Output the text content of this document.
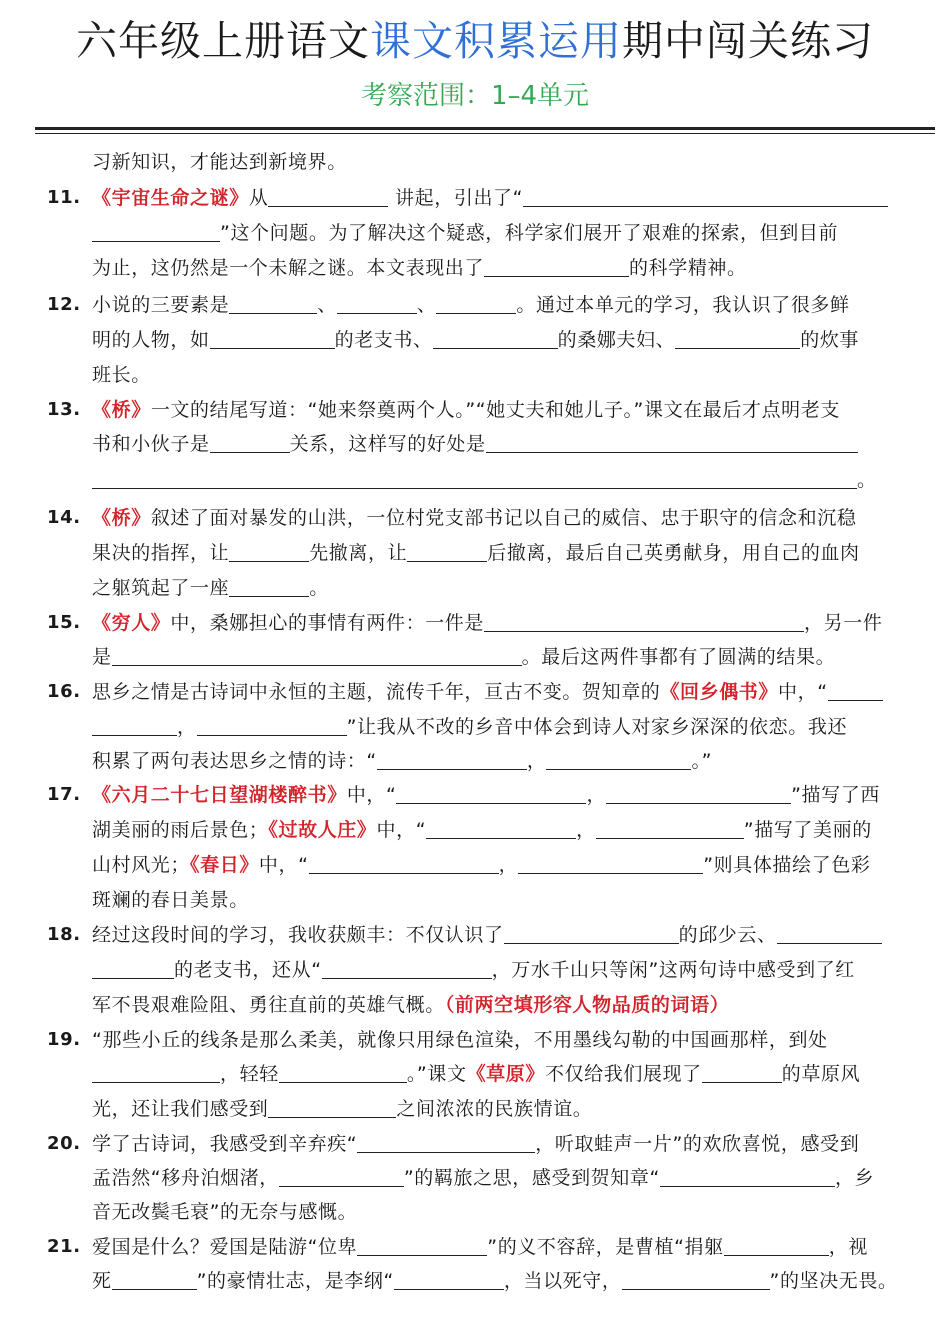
六年级上册语文课文积累运用期中闯关练习
考察范围：1–4单元
习新知识，才能达到新境界。
11. 《宇宙生命之谜》从	讲起，引出了“
”这个问题。为了解决这个疑惑，科学家们展开了艰难的探索，但到目前
为止，这仍然是一个未解之谜。本文表现出了	的科学精神。
12. 小说的三要素是	、	、	。通过本单元的学习，我认识了很多鲜
明的人物，如	的老支书、	的桑娜夫妇、	的炊事
班长。
13. 《桥》一文的结尾写道：“她来祭奠两个人。”“她丈夫和她儿子。”课文在最后才点明老支
书和小伙子是	关系，这样写的好处是
。
14. 《桥》叙述了面对暴发的山洪，一位村党支部书记以自己的威信、忠于职守的信念和沉稳
果决的指挥，让	先撤离，让	后撤离，最后自己英勇献身，用自己的血肉
之躯筑起了一座	。
15. 《穷人》中，桑娜担心的事情有两件：一件是	，另一件
是	。最后这两件事都有了圆满的结果。
16. 思乡之情是古诗词中永恒的主题，流传千年，亘古不变。贺知章的《回乡偶书》中，“
，	”让我从不改的乡音中体会到诗人对家乡深深的依恋。我还
积累了两句表达思乡之情的诗：“	，	。”
17. 《六月二十七日望湖楼醉书》中，“	，	”描写了西
湖美丽的雨后景色；《过故人庄》中，“	，	”描写了美丽的
山村风光；《春日》中，“	，	”则具体描绘了色彩
斑斓的春日美景。
18. 经过这段时间的学习，我收获颇丰：不仅认识了	的邱少云、
的老支书，还从“	，万水千山只等闲”这两句诗中感受到了红
军不畏艰难险阻、勇往直前的英雄气概。（前两空填形容人物品质的词语）
19. “那些小丘的线条是那么柔美，就像只用绿色渲染，不用墨线勾勒的中国画那样，到处
，轻轻	。”课文《草原》不仅给我们展现了	的草原风
光，还让我们感受到	之间浓浓的民族情谊。
20. 学了古诗词，我感受到辛弃疾“	，听取蛙声一片”的欢欣喜悦，感受到
孟浩然“移舟泊烟渚，	”的羁旅之思，感受到贺知章“	，乡
音无改鬓毛衰”的无奈与感慨。
21. 爱国是什么？爱国是陆游“位卑	”的义不容辞，是曹植“捐躯	，视
死	”的豪情壮志，是李纲“	，当以死守，	”的坚决无畏。
